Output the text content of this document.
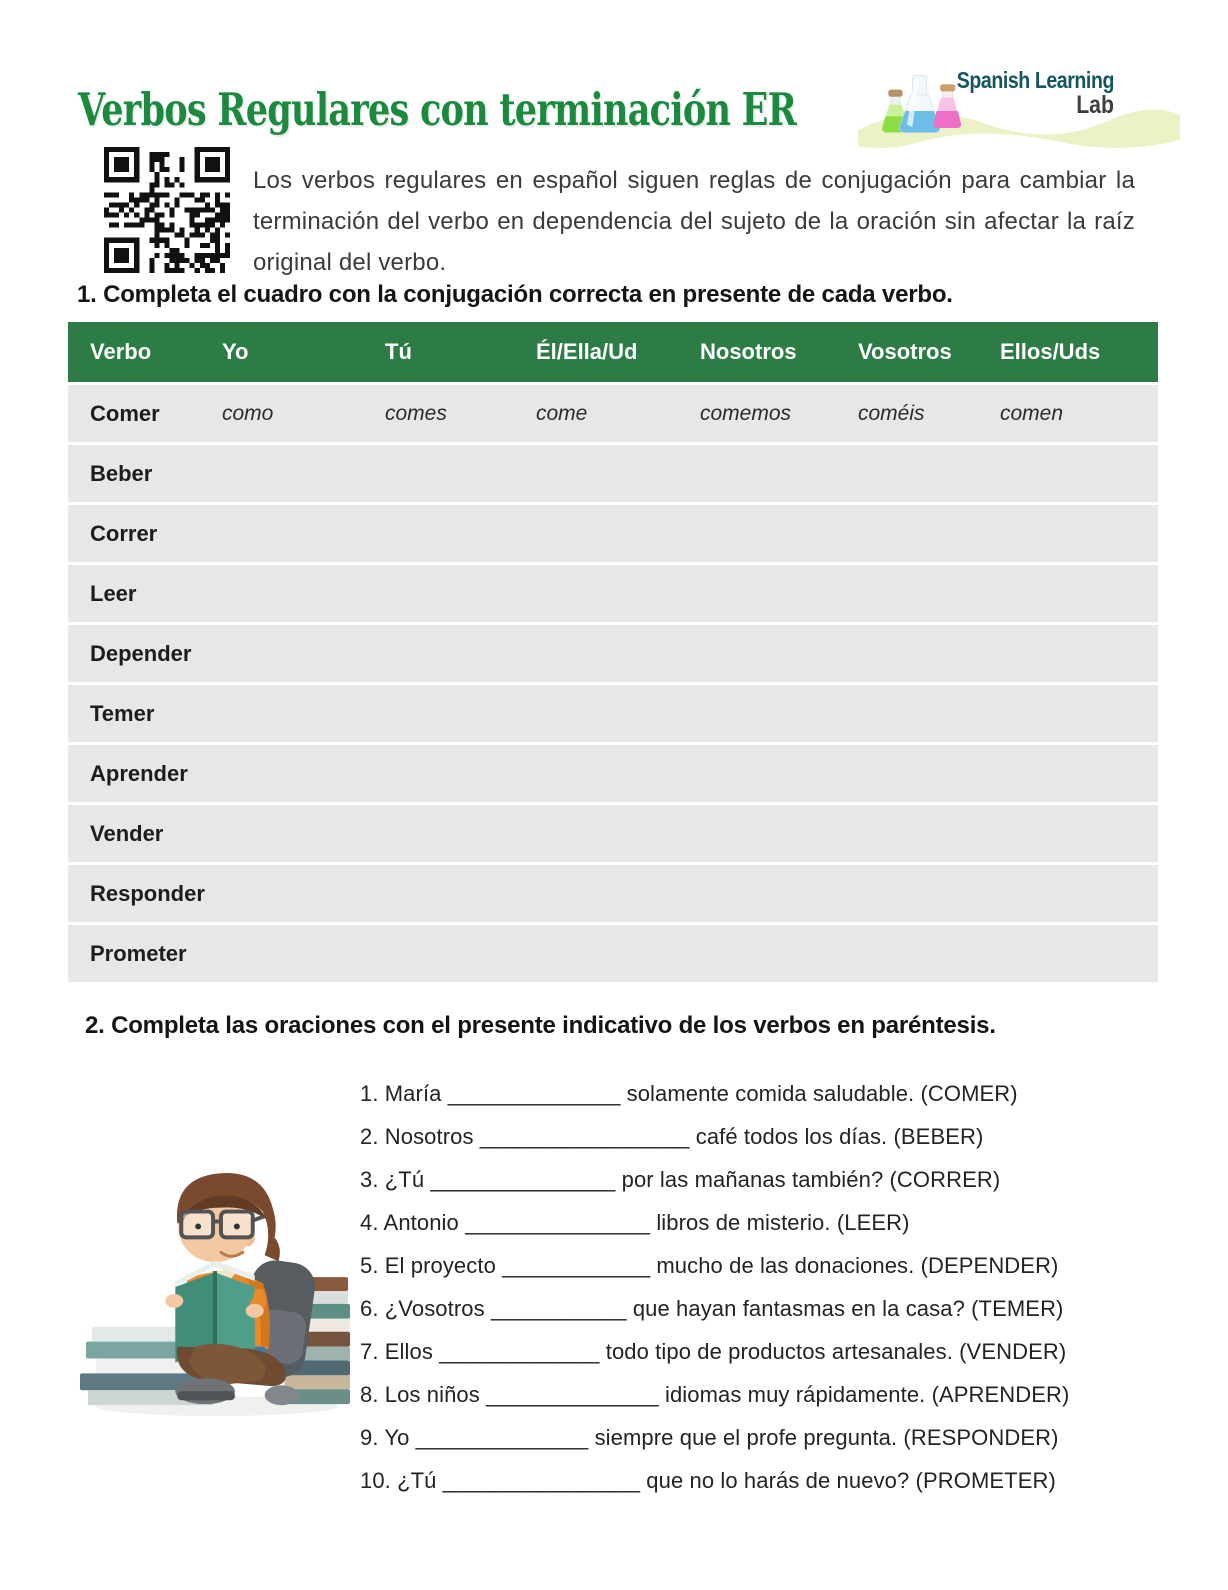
Verbos Regulares con terminación ER
Spanish Learning
Lab

Los verbos regulares en español siguen reglas de conjugación para cambiar la terminación del verbo en dependencia del sujeto de la oración sin afectar la raíz original del verbo.

1. Completa el cuadro con la conjugación correcta en presente de cada verbo.
Verbo	Yo	Tú	Él/Ella/Ud	Nosotros	Vosotros	Ellos/Uds
Comer	como	comes	come	comemos	coméis	comen
Beber
Correr
Leer
Depender
Temer
Aprender
Vender
Responder
Prometer
2. Completa las oraciones con el presente indicativo de los verbos en paréntesis.
1. María ______________ solamente comida saludable. (COMER)
2. Nosotros _________________ café todos los días. (BEBER)
3. ¿Tú _______________ por las mañanas también? (CORRER)
4. Antonio _______________ libros de misterio. (LEER)
5. El proyecto ____________ mucho de las donaciones. (DEPENDER)
6. ¿Vosotros ___________ que hayan fantasmas en la casa? (TEMER)
7. Ellos _____________ todo tipo de productos artesanales. (VENDER)
8. Los niños ______________ idiomas muy rápidamente. (APRENDER)
9. Yo ______________ siempre que el profe pregunta. (RESPONDER)
10. ¿Tú ________________ que no lo harás de nuevo? (PROMETER)
